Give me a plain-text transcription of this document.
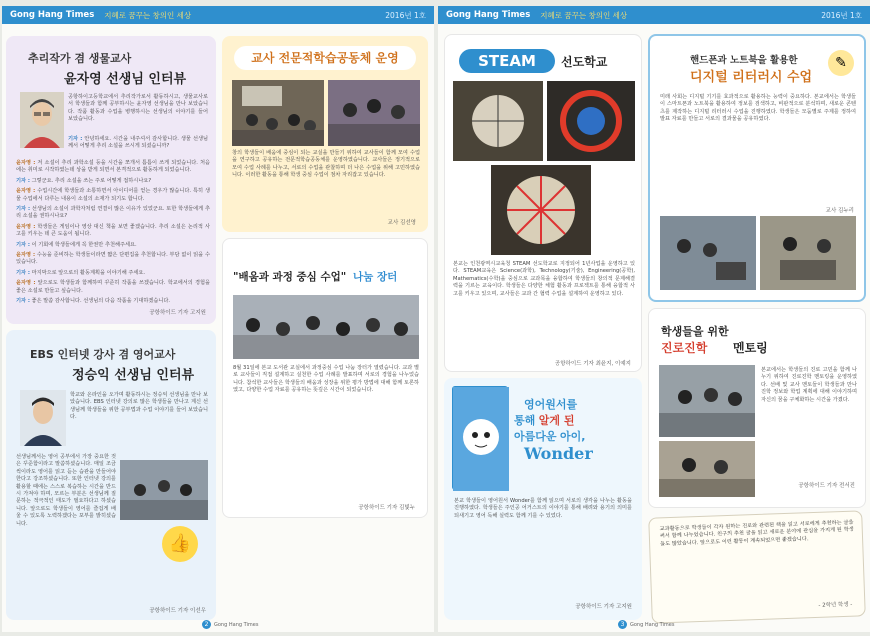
Gong Hang Times 지혜로 꿈꾸는 창의인 세상	2016년 1호
추리작가 겸 생물교사
윤자영 선생님 인터뷰
공항하이고등학교에서 추리작가로서 활동하시고, 생물교사로서 학생들과 함께 공부하시는 윤자영 선생님을 만나 보았습니다. 작품 활동과 수업을 병행하시는 선생님의 이야기를 들어 보았습니다.
기자 : 안녕하세요. 시간을 내주셔서 감사합니다. 생물 선생님께서 어떻게 추리 소설을 쓰시게 되셨습니까?

윤자영 : 저 소설이 추리 과학소설 등을 시간을 쪼개서 틈틈이 쓰게 되었습니다. 처음에는 취미로 시작하였는데 상을 받게 되면서 본격적으로 활동하게 되었습니다.

기자 : 그렇군요. 추리 소설을 쓰는 주로 어떻게 접하시나요?

윤자영 : 수업시간에 학생들과 소통하면서 아이디어를 얻는 경우가 많습니다. 특히 생물 수업에서 다루는 내용이 소설의 소재가 되기도 합니다.

기자 : 선생님의 소설이 과학자처럼 연결이 많은 이유가 있었군요. 또한 학생들에게 추리 소설을 권하시나요?

윤자영 : 학생들은 게임이나 영상 대신 책을 보면 좋겠습니다. 추리 소설은 논리적 사고를 키우는 데 큰 도움이 됩니다.

기자 : 이 기회에 학생들에게 꼭 한권만 추천해주세요.

윤자영 : 수능을 준비하는 학생들이라면 짧은 단편집을 추천합니다. 부담 없이 읽을 수 있습니다.

기자 : 마지막으로 앞으로의 활동계획을 이야기해 주세요.

윤자영 : 앞으로도 학생들과 함께하며 꾸준히 작품을 쓰겠습니다. 학교에서의 경험을 좋은 소설로 만들고 싶습니다.

기자 : 좋은 말씀 감사합니다. 선생님의 다음 작품을 기대하겠습니다.

공항하이드 기자 고지원
교사 전문적학습공동체 운영
창의 학생들이 배움에 중심이 되는 교실을 만들기 위하여 교사들이 함께 모여 수업을 연구하고 공유하는 전문적학습공동체를 운영하였습니다. 교사들은 정기적으로 모여 수업 사례를 나누고, 서로의 수업을 관찰하며 더 나은 수업을 위해 고민하였습니다. 이러한 활동을 통해 학생 중심 수업이 점차 자리잡고 있습니다.
교사 김선영
"배움과 과정 중심 수업" 나눔 장터
8월 31일에 본교 도서관 교실에서 과정중심 수업 나눔 장터가 열렸습니다. 교과 별로 교사들이 직접 설계하고 실천한 수업 사례를 발표하며 서로의 경험을 나누었습니다. 참석한 교사들은 학생들의 배움과 성장을 위한 평가 방법에 대해 함께 토론하였고, 다양한 수업 자료를 공유하는 뜻깊은 시간이 되었습니다.
공항하이드 기자 김빛누
EBS 인터넷 강사 겸 영어교사
정승익 선생님 인터뷰
학교와 온라인을 오가며 활동하시는 정승익 선생님을 만나 보았습니다. EBS 인터넷 강의로 많은 학생들을 만나고 계신 선생님께 학생들을 위한 공부법과 수업 이야기를 들어 보았습니다.
선생님께서는 영어 공부에서 가장 중요한 것은 꾸준함이라고 말씀하셨습니다. 매일 조금씩이라도 영어를 읽고 듣는 습관을 만들어야 한다고 강조하셨습니다. 또한 인터넷 강의를 활용할 때에는 스스로 복습하는 시간을 반드시 가져야 하며, 모르는 부분은 선생님께 질문하는 적극적인 태도가 필요하다고 하셨습니다. 앞으로도 학생들이 영어를 즐겁게 배울 수 있도록 노력하겠다는 포부를 밝히셨습니다.
👍
공항하이드 기자 이선우
2	Gong Hang Times
Gong Hang Times 지혜로 꿈꾸는 창의인 세상	2016년 1호
STEAM	선도학교
본교는 인천광역시교육청 STEAM 선도학교로 지정되어 1년사업을 운영하고 있다. STEAM교육은 Science(과학), Technology(기술), Engineering(공학), Mathematics(수학)을 중심으로 교과목을 융합하여 학생들의 창의적 문제해결력을 기르는 교육이다. 학생들은 다양한 체험 활동과 프로젝트를 통해 융합적 사고를 키우고 있으며, 교사들은 교과 간 협력 수업을 설계하여 운영하고 있다.
공항하이드 기자 최윤지, 이예지
핸드폰과 노트북을 활용한
디지털 리터러시 수업
✎
미래 사회는 디지털 기기를 효과적으로 활용하는 능력이 중요하다. 본교에서는 학생들이 스마트폰과 노트북을 활용하여 정보를 검색하고, 비판적으로 분석하며, 새로운 콘텐츠를 제작하는 디지털 리터러시 수업을 진행하였다. 학생들은 모둠별로 주제를 정하여 발표 자료를 만들고 서로의 결과물을 공유하였다.
교사 김누리
학생들을 위한
진로진학 멘토링
본교에서는 학생들의 진로 고민을 함께 나누기 위하여 진로진학 멘토링을 운영하였다. 선배 및 교사 멘토들이 학생들과 만나 진학 정보와 학업 계획에 대해 이야기하며 자신의 꿈을 구체화하는 시간을 가졌다.
공항하이드 기자 전서진
영어원서를
통해 알게 된
아름다운 아이,
Wonder
본교 학생들이 영어원서 Wonder를 함께 읽으며 서로의 생각을 나누는 활동을 진행하였다. 학생들은 주인공 어거스트의 이야기를 통해 배려와 용기의 의미를 되새기고 영어 독해 실력도 함께 기를 수 있었다.
공항하이드 기자 고지원
교과활동으로 학생들이 각자 원하는 진로와 관련된 책을 읽고 서로에게 추천하는 글을 써서 함께 나누었습니다. 친구의 추천 글을 읽고 새로운 분야에 관심을 가지게 된 학생들도 많았습니다. 앞으로도 이런 활동이 계속되었으면 좋겠습니다.
- 2학년 학생 -
3	Gong Hang Times
